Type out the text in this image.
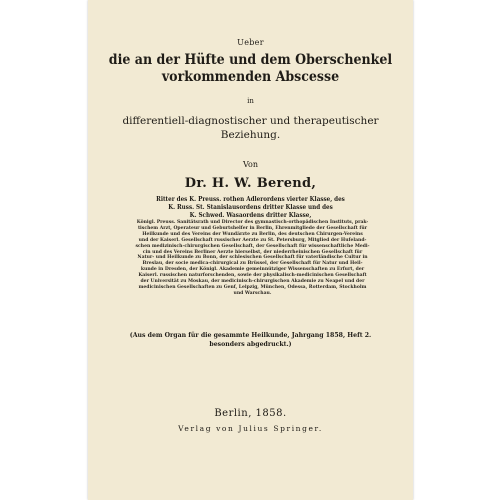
Ueber
die an der Hüfte und dem Oberschenkel
vorkommenden Abscesse
in
differentiell-diagnostischer und therapeutischer
Beziehung.
Von
Dr. H. W. Berend,
Ritter des K. Preuss. rothen Adlerordens vierter Klasse, des
K. Russ. St. Stanislausordens dritter Klasse und des
K. Schwed. Wasaordens dritter Klasse,
Königl. Preuss. Sanitätsrath und Director des gymnastisch-orthopädischen Instituts, prak-
tischem Arzt, Operateur und Geburtshelfer in Berlin, Ehrenmitgliede der Gesellschaft für
Heilkunde und des Vereins der Wundärzte zu Berlin, des deutschen Chirurgen-Vereins
und der Kaiserl. Gesellschaft russischer Aerzte zu St. Petersburg, Mitglied der Hufeland-
schen medizinisch-chirurgischen Gesellschaft, der Gesellschaft für wissenschaftliche Medi-
cin und des Vereins Berliner Aerzte hierselbst, der niederrheinischen Gesellschaft für
Natur- und Heilkunde zu Bonn, der schlesischen Gesellschaft für vaterländische Cultur in
Breslau, der socie medica-chirurgical zu Brüssel, der Gesellschaft für Natur und Heil-
kunde in Dresden, der Königl. Akademie gemeinnütziger Wissenschaften zu Erfurt, der
Kaiserl. russischen naturforschenden, sowie der physikalisch-medicinischen Gesellschaft
der Universität zu Moskau, der medicinisch-chirurgischen Akademie zu Neapel und der
medicinischen Gesellschaften zu Genf, Leipzig, München, Odessa, Rotterdam, Stockholm
und Warschau.
(Aus dem Organ für die gesammte Heilkunde, Jahrgang 1858, Heft 2. besonders abgedruckt.)
Berlin, 1858.
Verlag von Julius Springer.
